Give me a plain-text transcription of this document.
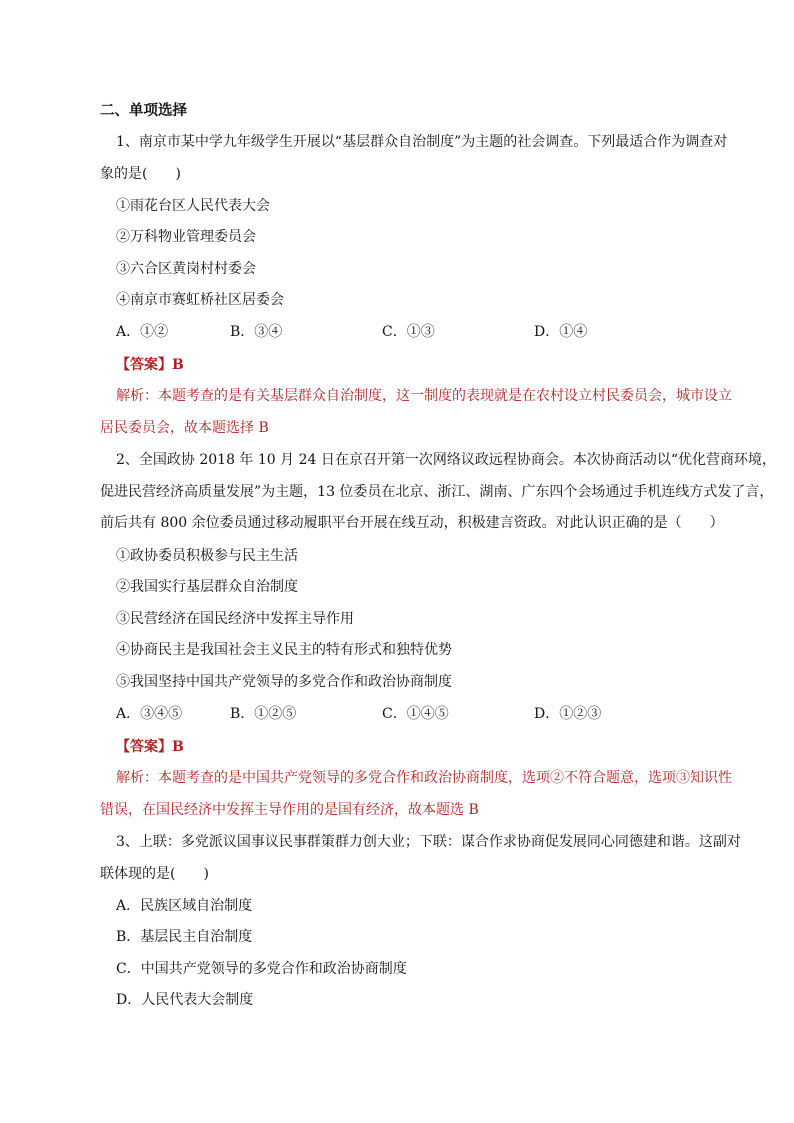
二、单项选择
1、南京市某中学九年级学生开展以“基层群众自治制度”为主题的社会调查。下列最适合作为调查对
象的是(　　)
①雨花台区人民代表大会
②万科物业管理委员会
③六合区黄岗村村委会
④南京市赛虹桥社区居委会
A．①②	B．③④	C．①③	D．①④
【答案】B
解析：本题考查的是有关基层群众自治制度，这一制度的表现就是在农村设立村民委员会，城市设立
居民委员会，故本题选择 B
2、全国政协 2018 年 10 月 24 日在京召开第一次网络议政远程协商会。本次协商活动以“优化营商环境，
促进民营经济高质量发展”为主题，13 位委员在北京、浙江、湖南、广东四个会场通过手机连线方式发了言，
前后共有 800 余位委员通过移动履职平台开展在线互动，积极建言资政。对此认识正确的是（　　）
①政协委员积极参与民主生活
②我国实行基层群众自治制度
③民营经济在国民经济中发挥主导作用
④协商民主是我国社会主义民主的特有形式和独特优势
⑤我国坚持中国共产党领导的多党合作和政治协商制度
A．③④⑤	B．①②⑤	C．①④⑤	D．①②③
【答案】B
解析：本题考查的是中国共产党领导的多党合作和政治协商制度，选项②不符合题意，选项③知识性
错误，在国民经济中发挥主导作用的是国有经济，故本题选 B
3、上联：多党派议国事议民事群策群力创大业；下联：谋合作求协商促发展同心同德建和谐。这副对
联体现的是(　　)
A．民族区域自治制度
B．基层民主自治制度
C．中国共产党领导的多党合作和政治协商制度
D．人民代表大会制度
